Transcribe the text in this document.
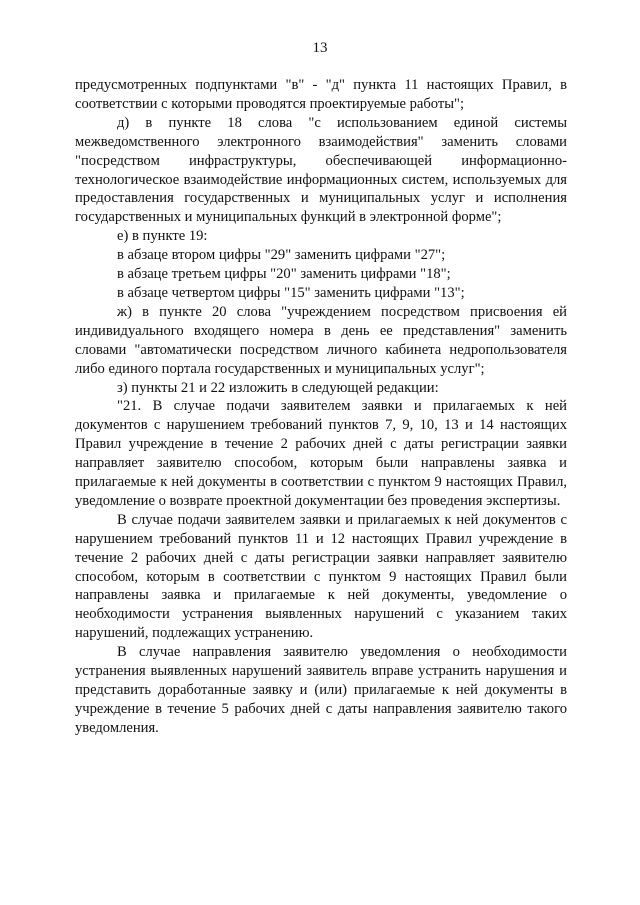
13

предусмотренных подпунктами "в" - "д" пункта 11 настоящих Правил, в соответствии с которыми проводятся проектируемые работы";

д) в пункте 18 слова "с использованием единой системы межведомственного электронного взаимодействия" заменить словами "посредством инфраструктуры, обеспечивающей информационно-технологическое взаимодействие информационных систем, используемых для предоставления государственных и муниципальных услуг и исполнения государственных и муниципальных функций в электронной форме";

е) в пункте 19:

в абзаце втором цифры "29" заменить цифрами "27";

в абзаце третьем цифры "20" заменить цифрами "18";

в абзаце четвертом цифры "15" заменить цифрами "13";

ж) в пункте 20 слова "учреждением посредством присвоения ей индивидуального входящего номера в день ее представления" заменить словами "автоматически посредством личного кабинета недропользователя либо единого портала государственных и муниципальных услуг";

з) пункты 21 и 22 изложить в следующей редакции:

"21. В случае подачи заявителем заявки и прилагаемых к ней документов с нарушением требований пунктов 7, 9, 10, 13 и 14 настоящих Правил учреждение в течение 2 рабочих дней с даты регистрации заявки направляет заявителю способом, которым были направлены заявка и прилагаемые к ней документы в соответствии с пунктом 9 настоящих Правил, уведомление о возврате проектной документации без проведения экспертизы.

В случае подачи заявителем заявки и прилагаемых к ней документов с нарушением требований пунктов 11 и 12 настоящих Правил учреждение в течение 2 рабочих дней с даты регистрации заявки направляет заявителю способом, которым в соответствии с пунктом 9 настоящих Правил были направлены заявка и прилагаемые к ней документы, уведомление о необходимости устранения выявленных нарушений с указанием таких нарушений, подлежащих устранению.

В случае направления заявителю уведомления о необходимости устранения выявленных нарушений заявитель вправе устранить нарушения и представить доработанные заявку и (или) прилагаемые к ней документы в учреждение в течение 5 рабочих дней с даты направления заявителю такого уведомления.
